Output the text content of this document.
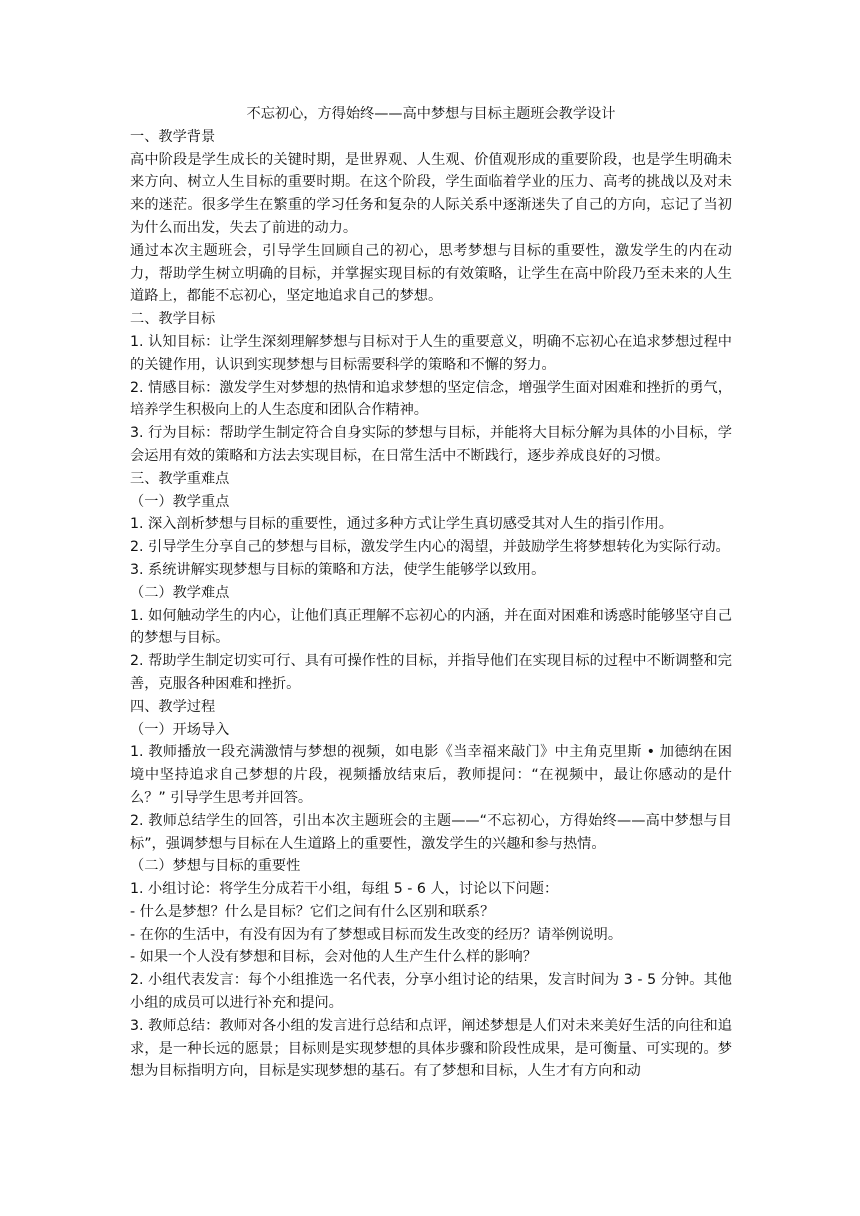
不忘初心，方得始终——高中梦想与目标主题班会教学设计

一、教学背景

高中阶段是学生成长的关键时期，是世界观、人生观、价值观形成的重要阶段，也是学生明确未来方向、树立人生目标的重要时期。在这个阶段，学生面临着学业的压力、高考的挑战以及对未来的迷茫。很多学生在繁重的学习任务和复杂的人际关系中逐渐迷失了自己的方向，忘记了当初为什么而出发，失去了前进的动力。

通过本次主题班会，引导学生回顾自己的初心，思考梦想与目标的重要性，激发学生的内在动力，帮助学生树立明确的目标，并掌握实现目标的有效策略，让学生在高中阶段乃至未来的人生道路上，都能不忘初心，坚定地追求自己的梦想。

二、教学目标

1. 认知目标：让学生深刻理解梦想与目标对于人生的重要意义，明确不忘初心在追求梦想过程中的关键作用，认识到实现梦想与目标需要科学的策略和不懈的努力。

2. 情感目标：激发学生对梦想的热情和追求梦想的坚定信念，增强学生面对困难和挫折的勇气，培养学生积极向上的人生态度和团队合作精神。

3. 行为目标：帮助学生制定符合自身实际的梦想与目标，并能将大目标分解为具体的小目标，学会运用有效的策略和方法去实现目标，在日常生活中不断践行，逐步养成良好的习惯。

三、教学重难点

（一）教学重点

1. 深入剖析梦想与目标的重要性，通过多种方式让学生真切感受其对人生的指引作用。

2. 引导学生分享自己的梦想与目标，激发学生内心的渴望，并鼓励学生将梦想转化为实际行动。

3. 系统讲解实现梦想与目标的策略和方法，使学生能够学以致用。

（二）教学难点

1. 如何触动学生的内心，让他们真正理解不忘初心的内涵，并在面对困难和诱惑时能够坚守自己的梦想与目标。

2. 帮助学生制定切实可行、具有可操作性的目标，并指导他们在实现目标的过程中不断调整和完善，克服各种困难和挫折。

四、教学过程

（一）开场导入

1. 教师播放一段充满激情与梦想的视频，如电影《当幸福来敲门》中主角克里斯 • 加德纳在困境中坚持追求自己梦想的片段，视频播放结束后，教师提问：“在视频中，最让你感动的是什么？” 引导学生思考并回答。

2. 教师总结学生的回答，引出本次主题班会的主题——“不忘初心，方得始终——高中梦想与目标”，强调梦想与目标在人生道路上的重要性，激发学生的兴趣和参与热情。

（二）梦想与目标的重要性

1. 小组讨论：将学生分成若干小组，每组 5 - 6 人，讨论以下问题：

- 什么是梦想？什么是目标？它们之间有什么区别和联系？

- 在你的生活中，有没有因为有了梦想或目标而发生改变的经历？请举例说明。

- 如果一个人没有梦想和目标，会对他的人生产生什么样的影响？

2. 小组代表发言：每个小组推选一名代表，分享小组讨论的结果，发言时间为 3 - 5 分钟。其他小组的成员可以进行补充和提问。

3. 教师总结：教师对各小组的发言进行总结和点评，阐述梦想是人们对未来美好生活的向往和追求，是一种长远的愿景；目标则是实现梦想的具体步骤和阶段性成果，是可衡量、可实现的。梦想为目标指明方向，目标是实现梦想的基石。有了梦想和目标，人生才有方向和动
